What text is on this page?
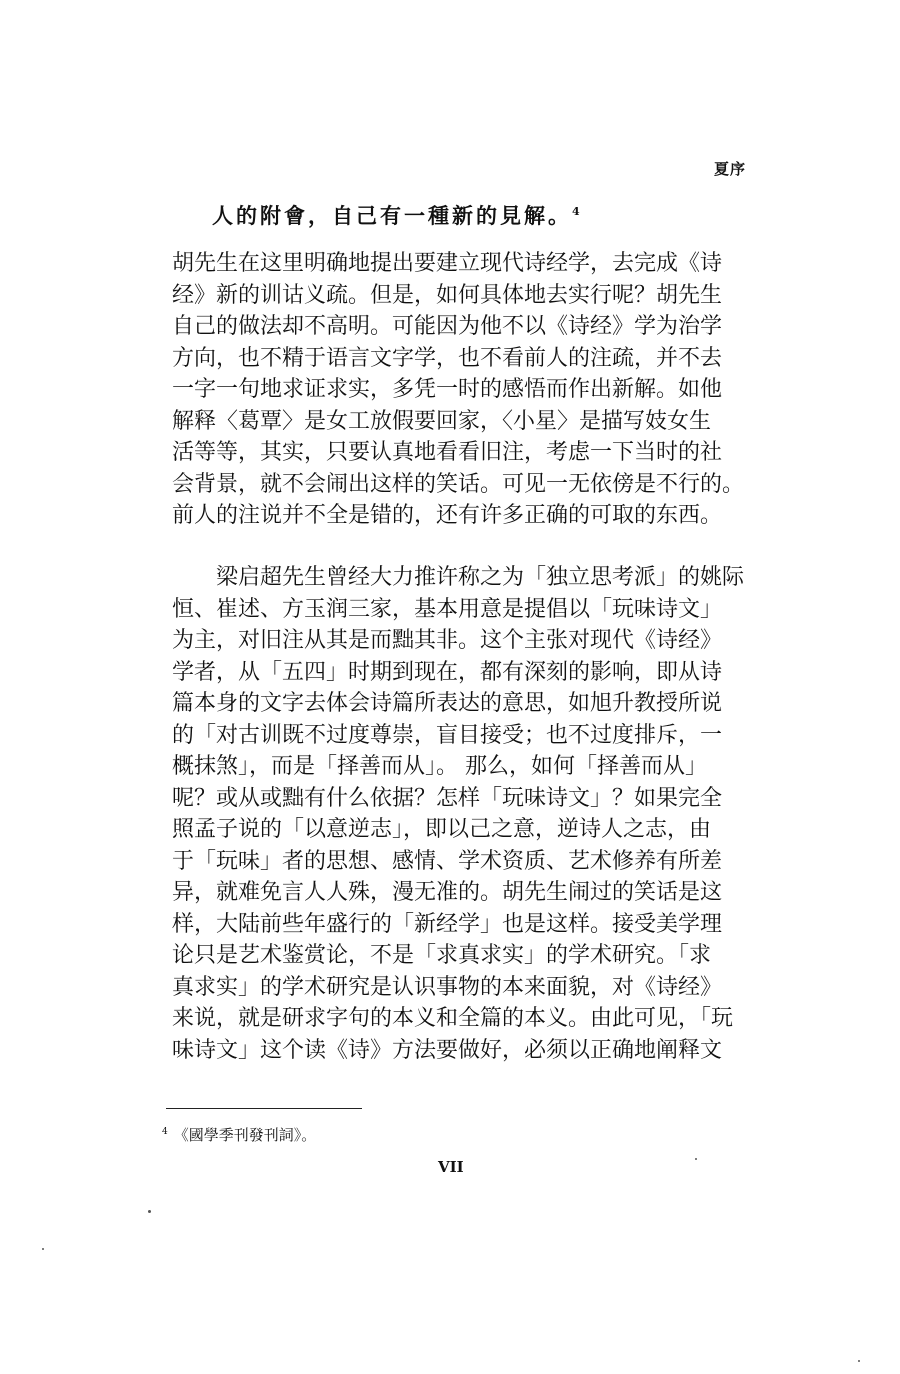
夏序
人的附會，自己有一種新的見解。$^4$
胡先生在这里明确地提出要建立现代诗经学，去完成《诗
经》新的训诂义疏。但是，如何具体地去实行呢？胡先生
自己的做法却不高明。可能因为他不以《诗经》学为治学
方向，也不精于语言文字学，也不看前人的注疏，并不去
一字一句地求证求实，多凭一时的感悟而作出新解。如他
解释〈葛覃〉是女工放假要回家，〈小星〉是描写妓女生
活等等，其实，只要认真地看看旧注，考虑一下当时的社
会背景，就不会闹出这样的笑话。可见一无依傍是不行的。
前人的注说并不全是错的，还有许多正确的可取的东西。
梁启超先生曾经大力推许称之为「独立思考派」的姚际
恒、崔述、方玉润三家，基本用意是提倡以「玩味诗文」
为主，对旧注从其是而黜其非。这个主张对现代《诗经》
学者，从「五四」时期到现在，都有深刻的影响，即从诗
篇本身的文字去体会诗篇所表达的意思，如旭升教授所说
的「对古训既不过度尊崇，盲目接受；也不过度排斥，一
概抹煞」，而是「择善而从」。 那么，如何「择善而从」
呢？或从或黜有什么依据？怎样「玩味诗文」？如果完全
照孟子说的「以意逆志」，即以己之意，逆诗人之志，由
于「玩味」者的思想、感情、学术资质、艺术修养有所差
异，就难免言人人殊，漫无准的。胡先生闹过的笑话是这
样，大陆前些年盛行的「新经学」也是这样。接受美学理
论只是艺术鉴赏论，不是「求真求实」的学术研究。「求
真求实」的学术研究是认识事物的本来面貌，对《诗经》
来说，就是研求字句的本义和全篇的本义。由此可见，「玩
味诗文」这个读《诗》方法要做好，必须以正确地阐释文
$^4$ 《國學季刊發刊詞》。
VII
